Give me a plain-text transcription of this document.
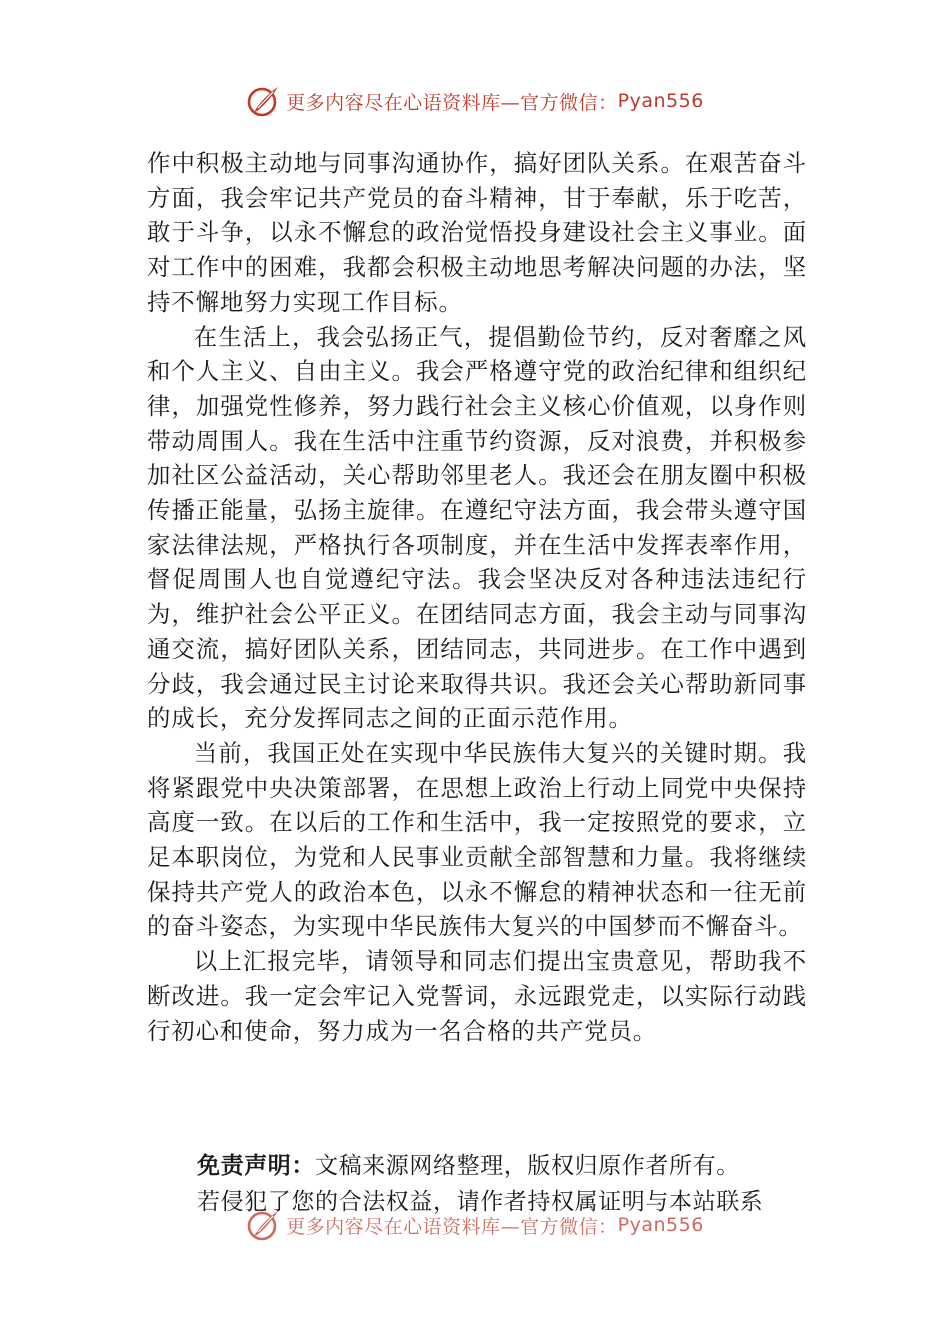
更多内容尽在心语资料库—官方微信： Pyan556

作中积极主动地与同事沟通协作，搞好团队关系。在艰苦奋斗方面，我会牢记共产党员的奋斗精神，甘于奉献，乐于吃苦，敢于斗争，以永不懈怠的政治觉悟投身建设社会主义事业。面对工作中的困难，我都会积极主动地思考解决问题的办法，坚持不懈地努力实现工作目标。

在生活上，我会弘扬正气，提倡勤俭节约，反对奢靡之风和个人主义、自由主义。我会严格遵守党的政治纪律和组织纪律，加强党性修养，努力践行社会主义核心价值观，以身作则带动周围人。我在生活中注重节约资源，反对浪费，并积极参加社区公益活动，关心帮助邻里老人。我还会在朋友圈中积极传播正能量，弘扬主旋律。在遵纪守法方面，我会带头遵守国家法律法规，严格执行各项制度，并在生活中发挥表率作用，督促周围人也自觉遵纪守法。我会坚决反对各种违法违纪行为，维护社会公平正义。在团结同志方面，我会主动与同事沟通交流，搞好团队关系，团结同志，共同进步。在工作中遇到分歧，我会通过民主讨论来取得共识。我还会关心帮助新同事的成长，充分发挥同志之间的正面示范作用。

当前，我国正处在实现中华民族伟大复兴的关键时期。我将紧跟党中央决策部署，在思想上政治上行动上同党中央保持高度一致。在以后的工作和生活中，我一定按照党的要求，立足本职岗位，为党和人民事业贡献全部智慧和力量。我将继续保持共产党人的政治本色，以永不懈怠的精神状态和一往无前的奋斗姿态，为实现中华民族伟大复兴的中国梦而不懈奋斗。

以上汇报完毕，请领导和同志们提出宝贵意见，帮助我不断改进。我一定会牢记入党誓词，永远跟党走，以实际行动践行初心和使命，努力成为一名合格的共产党员。

免责声明：文稿来源网络整理，版权归原作者所有。
若侵犯了您的合法权益，请作者持权属证明与本站联系
更多内容尽在心语资料库—官方微信： Pyan556
